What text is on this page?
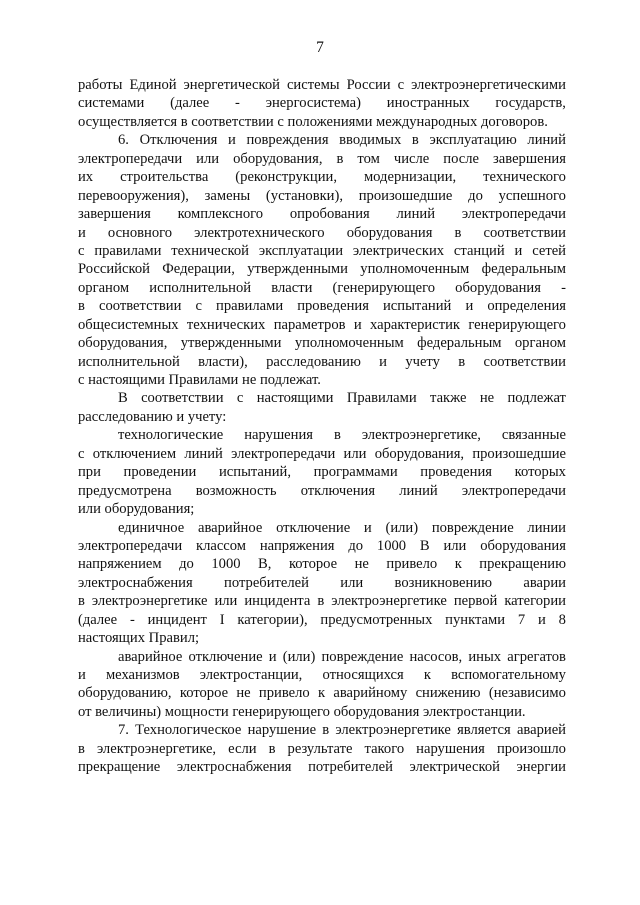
7
работы Единой энергетической системы России с электроэнергетическими
системами (далее - энергосистема) иностранных государств,
осуществляется в соответствии с положениями международных договоров.
6. Отключения и повреждения вводимых в эксплуатацию линий
электропередачи или оборудования, в том числе после завершения
их строительства (реконструкции, модернизации, технического
перевооружения), замены (установки), произошедшие до успешного
завершения комплексного опробования линий электропередачи
и основного электротехнического оборудования в соответствии
с правилами технической эксплуатации электрических станций и сетей
Российской Федерации, утвержденными уполномоченным федеральным
органом исполнительной власти (генерирующего оборудования -
в соответствии с правилами проведения испытаний и определения
общесистемных технических параметров и характеристик генерирующего
оборудования, утвержденными уполномоченным федеральным органом
исполнительной власти), расследованию и учету в соответствии
с настоящими Правилами не подлежат.
В соответствии с настоящими Правилами также не подлежат
расследованию и учету:
технологические нарушения в электроэнергетике, связанные
с отключением линий электропередачи или оборудования, произошедшие
при проведении испытаний, программами проведения которых
предусмотрена возможность отключения линий электропередачи
или оборудования;
единичное аварийное отключение и (или) повреждение линии
электропередачи классом напряжения до 1000 В или оборудования
напряжением до 1000 В, которое не привело к прекращению
электроснабжения потребителей или возникновению аварии
в электроэнергетике или инцидента в электроэнергетике первой категории
(далее - инцидент I категории), предусмотренных пунктами 7 и 8
настоящих Правил;
аварийное отключение и (или) повреждение насосов, иных агрегатов
и механизмов электростанции, относящихся к вспомогательному
оборудованию, которое не привело к аварийному снижению (независимо
от величины) мощности генерирующего оборудования электростанции.
7. Технологическое нарушение в электроэнергетике является аварией
в электроэнергетике, если в результате такого нарушения произошло
прекращение электроснабжения потребителей электрической энергии
